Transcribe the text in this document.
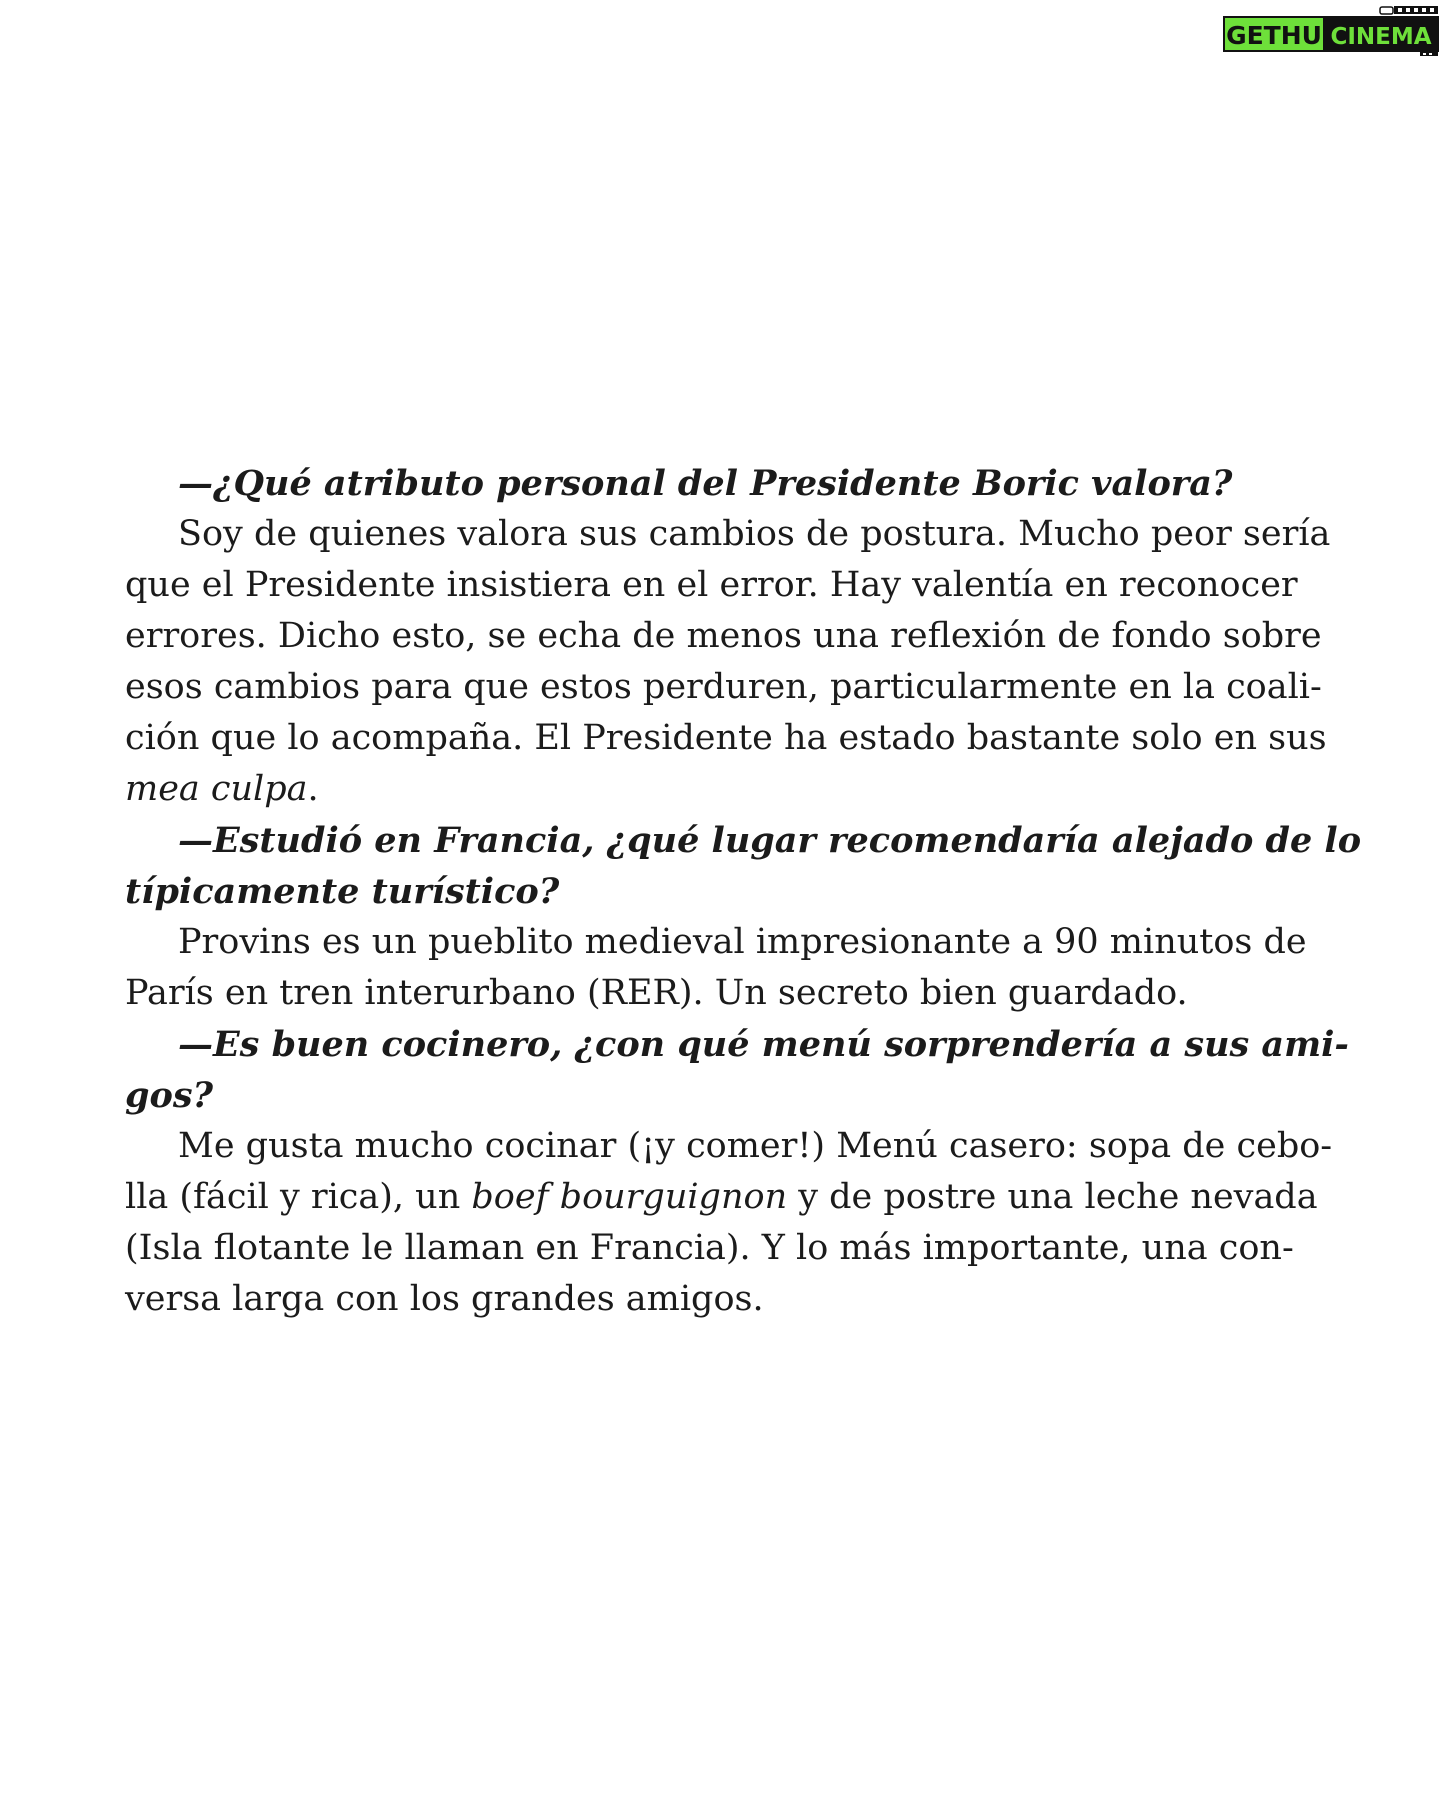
GETHU CINEMA
—¿Qué atributo personal del Presidente Boric valora?
Soy de quienes valora sus cambios de postura. Mucho peor sería
que el Presidente insistiera en el error. Hay valentía en reconocer
errores. Dicho esto, se echa de menos una reflexión de fondo sobre
esos cambios para que estos perduren, particularmente en la coali-
ción que lo acompaña. El Presidente ha estado bastante solo en sus
mea culpa.
—Estudió en Francia, ¿qué lugar recomendaría alejado de lo
típicamente turístico?
Provins es un pueblito medieval impresionante a 90 minutos de
París en tren interurbano (RER). Un secreto bien guardado.
—Es buen cocinero, ¿con qué menú sorprendería a sus ami-
gos?
Me gusta mucho cocinar (¡y comer!) Menú casero: sopa de cebo-
lla (fácil y rica), un boef bourguignon y de postre una leche nevada
(Isla flotante le llaman en Francia). Y lo más importante, una con-
versa larga con los grandes amigos.
